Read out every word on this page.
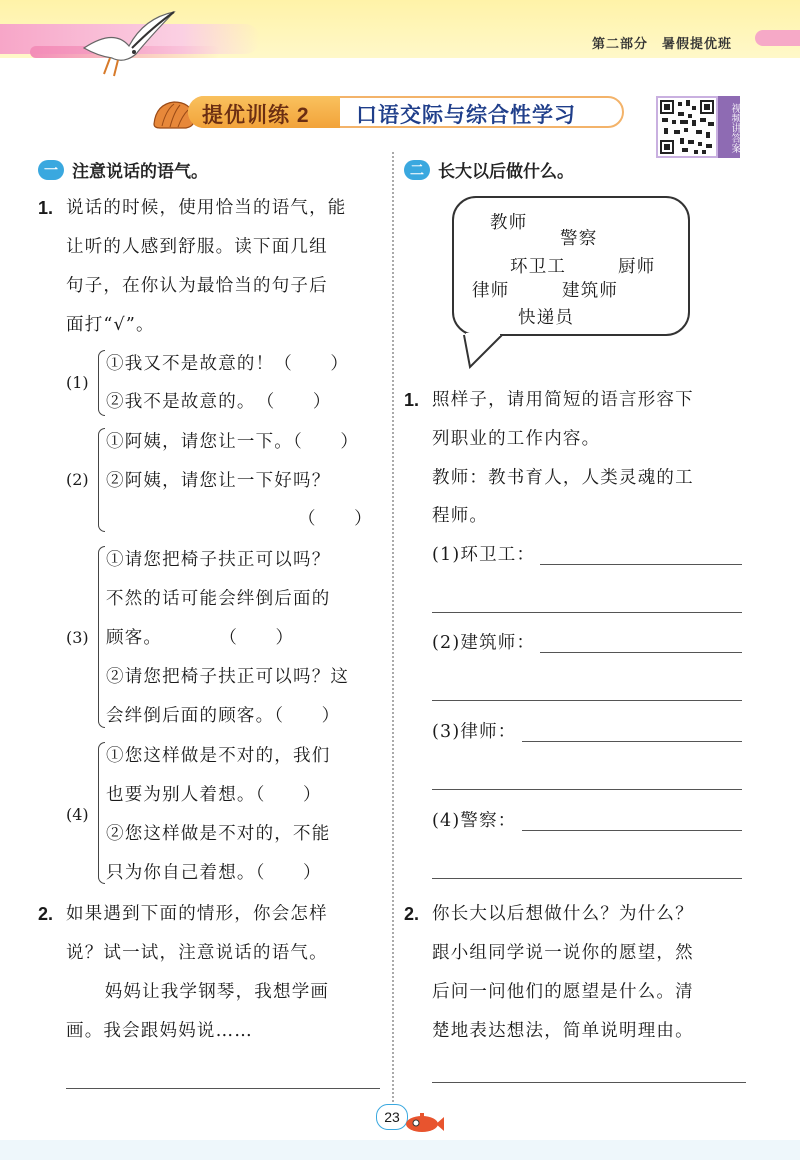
第二部分 暑假提优班
提优训练 2 口语交际与综合性学习	视频讲答案
一 注意说话的语气。
1. 说话的时候，使用恰当的语气，能
让听的人感到舒服。读下面几组
句子，在你认为最恰当的句子后
面打“√”。
(1)
①我又不是故意的！（　　）
②我不是故意的。　（　　）
(2)
①阿姨，请您让一下。（　　）
②阿姨，请您让一下好吗？
（　　）
(3)
①请您把椅子扶正可以吗？
不然的话可能会绊倒后面的
顾客。　　　　（　　）
②请您把椅子扶正可以吗？这
会绊倒后面的顾客。（　　）
(4)
①您这样做是不对的，我们
也要为别人着想。（　　）
②您这样做是不对的，不能
只为你自己着想。（　　）
2. 如果遇到下面的情形，你会怎样
说？试一试，注意说话的语气。
　妈妈让我学钢琴，我想学画
画。我会跟妈妈说……
二 长大以后做什么。
教师
警察
环卫工	厨师
律师	建筑师
快递员
1. 照样子，请用简短的语言形容下
列职业的工作内容。
教师：教书育人，人类灵魂的工
程师。
(1)环卫工：
(2)建筑师：
(3)律师：
(4)警察：
2. 你长大以后想做什么？为什么？
跟小组同学说一说你的愿望，然
后问一问他们的愿望是什么。清
楚地表达想法，简单说明理由。
23
